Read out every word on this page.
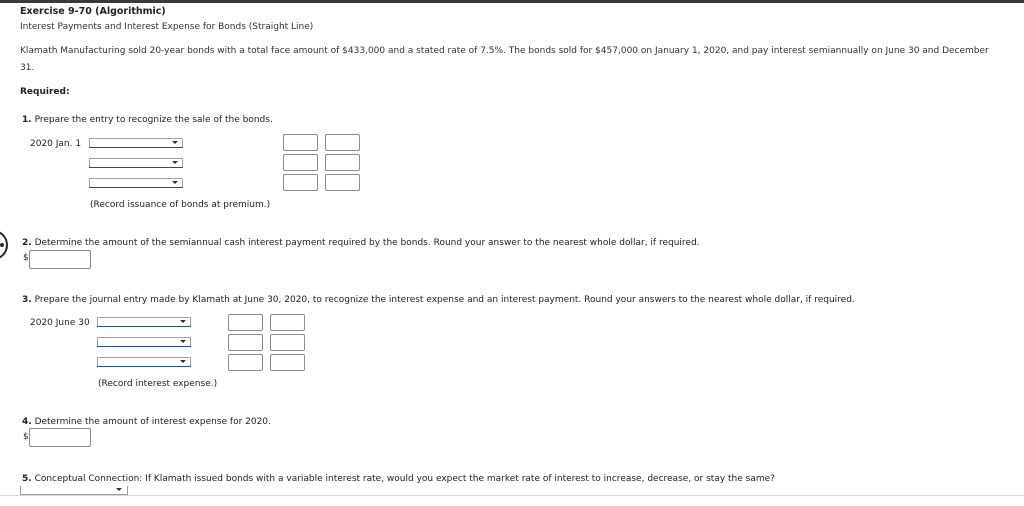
Exercise 9-70 (Algorithmic)
Interest Payments and Interest Expense for Bonds (Straight Line)
Klamath Manufacturing sold 20-year bonds with a total face amount of $433,000 and a stated rate of 7.5%. The bonds sold for $457,000 on January 1, 2020, and pay interest semiannually on June 30 and December
31.
Required:
1. Prepare the entry to recognize the sale of the bonds.
2020 Jan. 1
(Record issuance of bonds at premium.)
2. Determine the amount of the semiannual cash interest payment required by the bonds. Round your answer to the nearest whole dollar, if required.
$
3. Prepare the journal entry made by Klamath at June 30, 2020, to recognize the interest expense and an interest payment. Round your answers to the nearest whole dollar, if required.
2020 June 30
(Record interest expense.)
4. Determine the amount of interest expense for 2020.
$
5. Conceptual Connection: If Klamath issued bonds with a variable interest rate, would you expect the market rate of interest to increase, decrease, or stay the same?
